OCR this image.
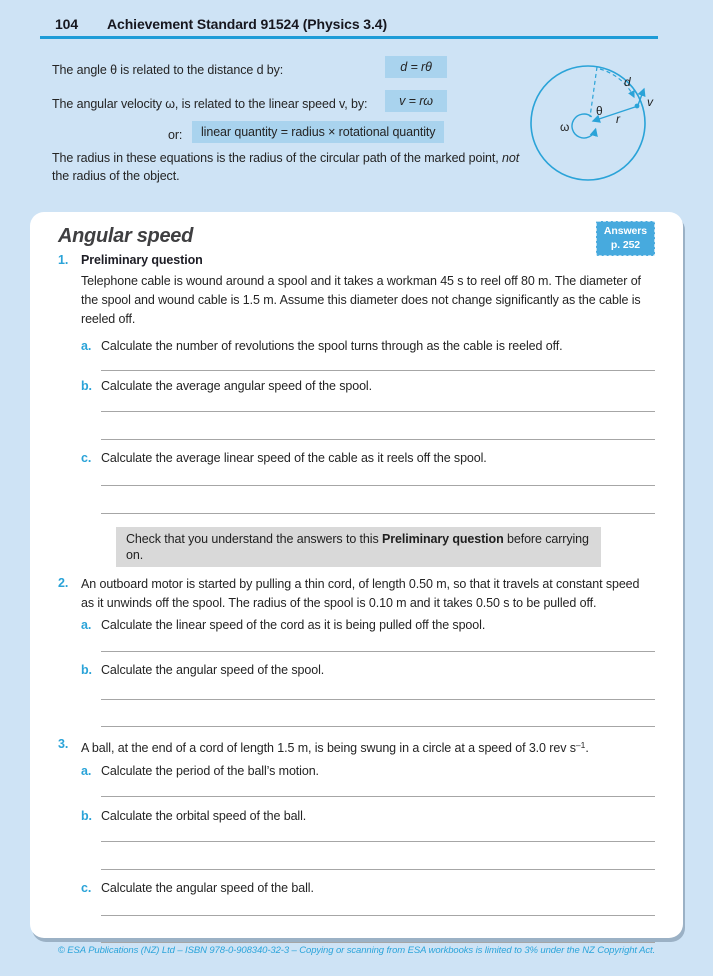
104 Achievement Standard 91524 (Physics 3.4)
The angle θ is related to the distance d by:	d = rθ
The angular velocity ω, is related to the linear speed v, by:	v = rω
or:	linear quantity = radius × rotational quantity

The radius in these equations is the radius of the circular path of the marked point, not the radius of the object.

ω
θ
r
d
v
Angular speed	Answers
p. 252
1.	Preliminary question
Telephone cable is wound around a spool and it takes a workman 45 s to reel off 80 m. The diameter of the spool and wound cable is 1.5 m. Assume this diameter does not change significantly as the cable is reeled off.
a. Calculate the number of revolutions the spool turns through as the cable is reeled off.
b. Calculate the average angular speed of the spool.
c. Calculate the average linear speed of the cable as it reels off the spool.
Check that you understand the answers to this Preliminary question before carrying on.
2.	An outboard motor is started by pulling a thin cord, of length 0.50 m, so that it travels at constant speed as it unwinds off the spool. The radius of the spool is 0.10 m and it takes 0.50 s to be pulled off.
a. Calculate the linear speed of the cord as it is being pulled off the spool.
b. Calculate the angular speed of the spool.
3.	A ball, at the end of a cord of length 1.5 m, is being swung in a circle at a speed of 3.0 rev $s^{-1}$.
a. Calculate the period of the ball’s motion.
b. Calculate the orbital speed of the ball.
c. Calculate the angular speed of the ball.
© ESA Publications (NZ) Ltd – ISBN 978-0-908340-32-3 – Copying or scanning from ESA workbooks is limited to 3% under the NZ Copyright Act.
